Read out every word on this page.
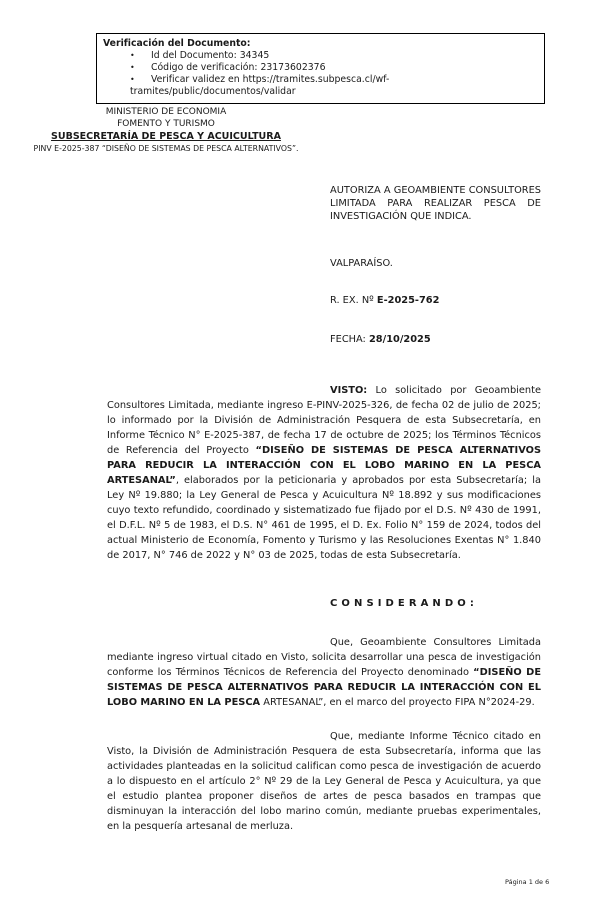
Verificación del Documento:
• Id del Documento: 34345
• Código de verificación: 23173602376
• Verificar validez en https://tramites.subpesca.cl/wf-tramites/public/documentos/validar
MINISTERIO DE ECONOMIA
FOMENTO Y TURISMO
SUBSECRETARÍA DE PESCA Y ACUICULTURA
PINV E-2025-387 “DISEÑO DE SISTEMAS DE PESCA ALTERNATIVOS”.

AUTORIZA A GEOAMBIENTE CONSULTORES LIMITADA PARA REALIZAR PESCA DE INVESTIGACIÓN QUE INDICA.

VALPARAÍSO.

R. EX. Nº E-2025-762

FECHA: 28/10/2025

VISTO: Lo solicitado por Geoambiente Consultores Limitada, mediante ingreso E-PINV-2025-326, de fecha 02 de julio de 2025; lo informado por la División de Administración Pesquera de esta Subsecretaría, en Informe Técnico N° E-2025-387, de fecha 17 de octubre de 2025; los Términos Técnicos de Referencia del Proyecto “DISEÑO DE SISTEMAS DE PESCA ALTERNATIVOS PARA REDUCIR LA INTERACCIÓN CON EL LOBO MARINO EN LA PESCA ARTESANAL”, elaborados por la peticionaria y aprobados por esta Subsecretaría; la Ley Nº 19.880; la Ley General de Pesca y Acuicultura Nº 18.892 y sus modificaciones cuyo texto refundido, coordinado y sistematizado fue fijado por el D.S. Nº 430 de 1991, el D.F.L. Nº 5 de 1983, el D.S. N° 461 de 1995, el D. Ex. Folio N° 159 de 2024, todos del actual Ministerio de Economía, Fomento y Turismo y las Resoluciones Exentas N° 1.840 de 2017, N° 746 de 2022 y N° 03 de 2025, todas de esta Subsecretaría.

C O N S I D E R A N D O :

Que, Geoambiente Consultores Limitada mediante ingreso virtual citado en Visto, solicita desarrollar una pesca de investigación conforme los Términos Técnicos de Referencia del Proyecto denominado “DISEÑO DE SISTEMAS DE PESCA ALTERNATIVOS PARA REDUCIR LA INTERACCIÓN CON EL LOBO MARINO EN LA PESCA ARTESANAL”, en el marco del proyecto FIPA N°2024-29.

Que, mediante Informe Técnico citado en Visto, la División de Administración Pesquera de esta Subsecretaría, informa que las actividades planteadas en la solicitud califican como pesca de investigación de acuerdo a lo dispuesto en el artículo 2° Nº 29 de la Ley General de Pesca y Acuicultura, ya que el estudio plantea proponer diseños de artes de pesca basados en trampas que disminuyan la interacción del lobo marino común, mediante pruebas experimentales, en la pesquería artesanal de merluza.

Página 1 de 6
